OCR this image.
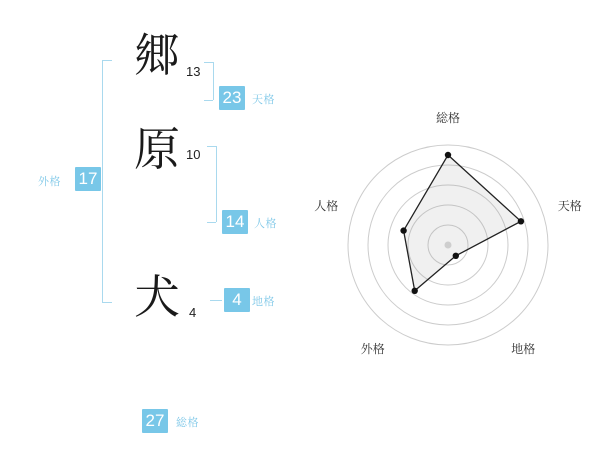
郷
原
犬
13
10
4
23 天格
14 人格
4 地格
17
外格
27	総格
総格
天格
地格
外格
人格
